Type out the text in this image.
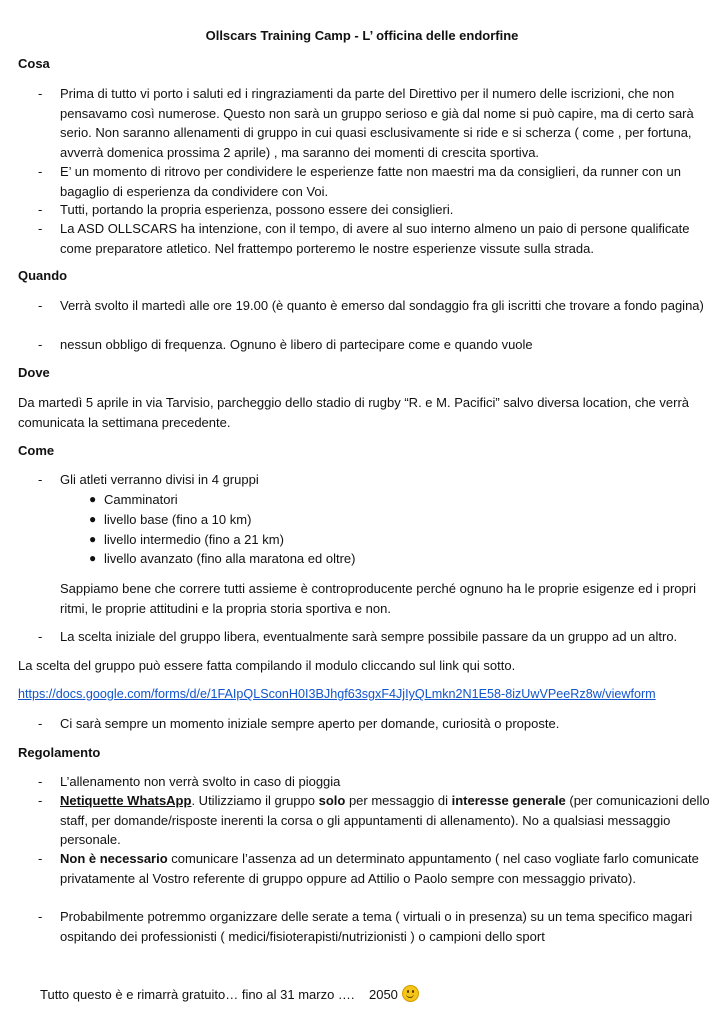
Ollscars Training Camp - L’ officina delle endorfine
Cosa
- Prima di tutto vi porto i saluti ed i ringraziamenti da parte del Direttivo per il numero delle iscrizioni, che non pensavamo così numerose. Questo non sarà un gruppo serioso e già dal nome si può capire, ma di certo sarà serio. Non saranno allenamenti di gruppo in cui quasi esclusivamente si ride e si scherza ( come , per fortuna, avverrà domenica prossima 2 aprile) , ma saranno dei momenti di crescita sportiva.
- E’ un momento di ritrovo per condividere le esperienze fatte non maestri ma da consiglieri, da runner con un bagaglio di esperienza da condividere con Voi.
- Tutti, portando la propria esperienza, possono essere dei consiglieri.
- La ASD OLLSCARS ha intenzione, con il tempo, di avere al suo interno almeno un paio di persone qualificate come preparatore atletico. Nel frattempo porteremo le nostre esperienze vissute sulla strada.
Quando
- Verrà svolto il martedì alle ore 19.00 (è quanto è emerso dal sondaggio fra gli iscritti che trovare a fondo pagina)
- nessun obbligo di frequenza. Ognuno è libero di partecipare come e quando vuole
Dove
Da martedì 5 aprile in via Tarvisio, parcheggio dello stadio di rugby “R. e M. Pacifici” salvo diversa location, che verrà comunicata la settimana precedente.
Come
- Gli atleti verranno divisi in 4 gruppi
● Camminatori
● livello base (fino a 10 km)
● livello intermedio (fino a 21 km)
● livello avanzato (fino alla maratona ed oltre)
Sappiamo bene che correre tutti assieme è controproducente perché ognuno ha le proprie esigenze ed i propri ritmi, le proprie attitudini e la propria storia sportiva e non.
- La scelta iniziale del gruppo libera, eventualmente sarà sempre possibile passare da un gruppo ad un altro.
La scelta del gruppo può essere fatta compilando il modulo cliccando sul link qui sotto.
https://docs.google.com/forms/d/e/1FAIpQLSconH0I3BJhgf63sgxF4JjIyQLmkn2N1E58-8izUwVPeeRz8w/viewform
- Ci sarà sempre un momento iniziale sempre aperto per domande, curiosità o proposte.
Regolamento
- L’allenamento non verrà svolto in caso di pioggia
- Netiquette WhatsApp. Utilizziamo il gruppo solo per messaggio di interesse generale (per comunicazioni dello staff, per domande/risposte inerenti la corsa o gli appuntamenti di allenamento). No a qualsiasi messaggio personale.
- Non è necessario comunicare l’assenza ad un determinato appuntamento ( nel caso vogliate farlo comunicate privatamente al Vostro referente di gruppo oppure ad Attilio o Paolo sempre con messaggio privato).
- Probabilmente potremmo organizzare delle serate a tema ( virtuali o in presenza) su un tema specifico magari ospitando dei professionisti ( medici/fisioterapisti/nutrizionisti ) o campioni dello sport
Tutto questo è e rimarrà gratuito… fino al 31 marzo ….    2050
